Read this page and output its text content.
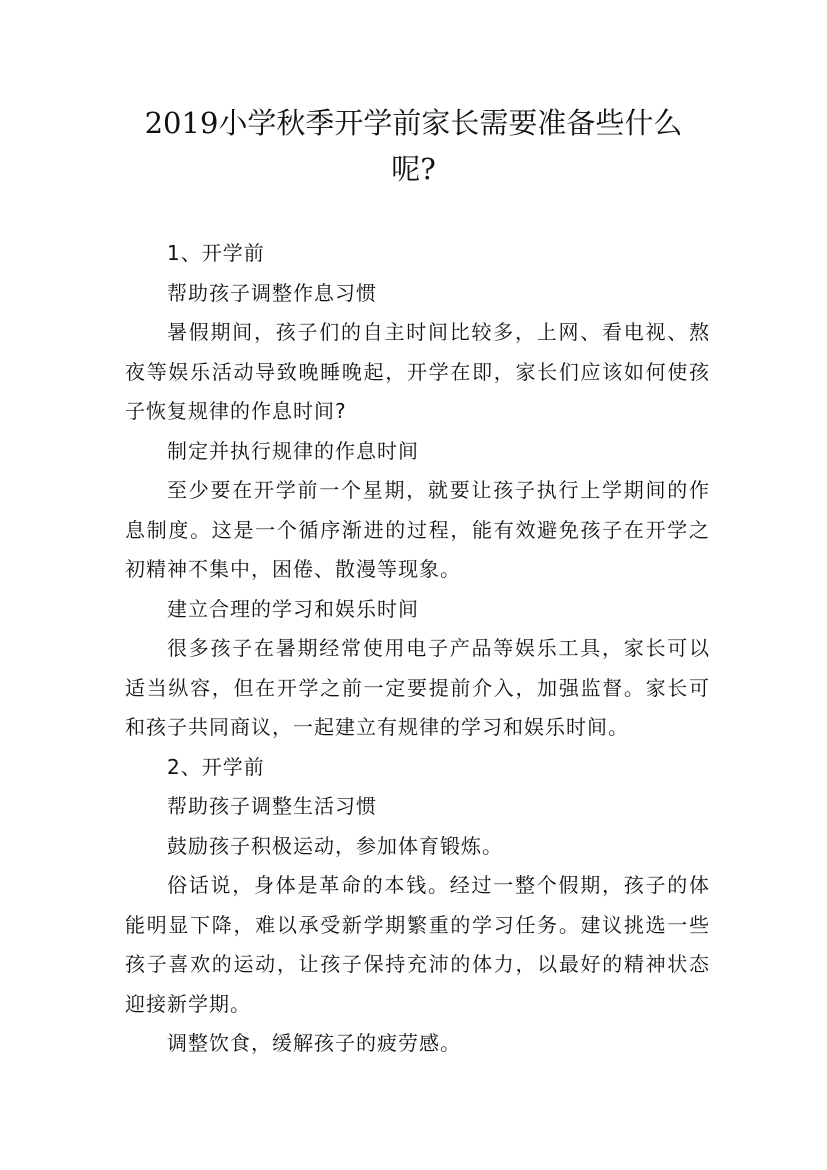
2019小学秋季开学前家长需要准备些什么
呢?

1、开学前

帮助孩子调整作息习惯

暑假期间，孩子们的自主时间比较多，上网、看电视、熬夜等娱乐活动导致晚睡晚起，开学在即，家长们应该如何使孩子恢复规律的作息时间?

制定并执行规律的作息时间

至少要在开学前一个星期，就要让孩子执行上学期间的作息制度。这是一个循序渐进的过程，能有效避免孩子在开学之初精神不集中，困倦、散漫等现象。

建立合理的学习和娱乐时间

很多孩子在暑期经常使用电子产品等娱乐工具，家长可以适当纵容，但在开学之前一定要提前介入，加强监督。家长可和孩子共同商议，一起建立有规律的学习和娱乐时间。

2、开学前

帮助孩子调整生活习惯

鼓励孩子积极运动，参加体育锻炼。

俗话说，身体是革命的本钱。经过一整个假期，孩子的体能明显下降，难以承受新学期繁重的学习任务。建议挑选一些孩子喜欢的运动，让孩子保持充沛的体力，以最好的精神状态迎接新学期。

调整饮食，缓解孩子的疲劳感。
